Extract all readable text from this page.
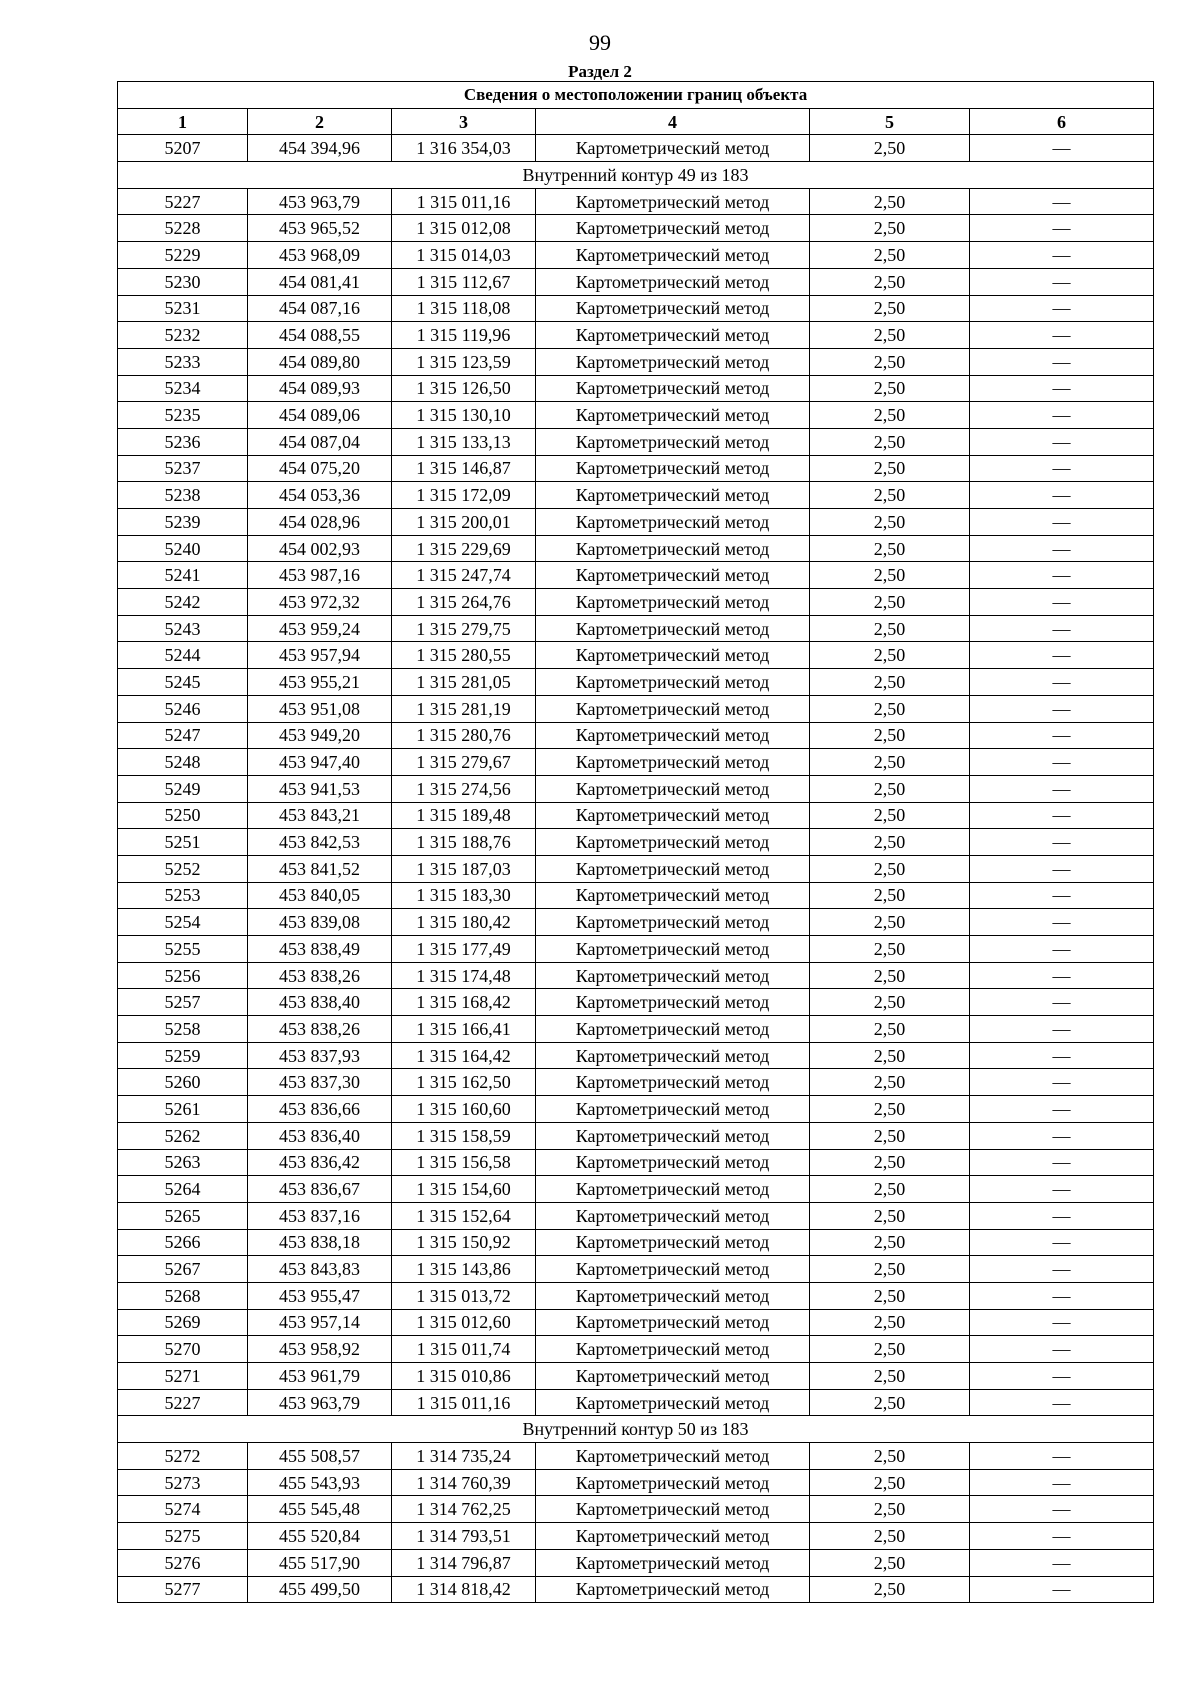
99
Раздел 2
Сведения о местоположении границ объекта					
1	2	3	4	5	6
5207	454 394,96	1 316 354,03	Картометрический метод	2,50	—
Внутренний контур 49 из 183					
5227	453 963,79	1 315 011,16	Картометрический метод	2,50	—
5228	453 965,52	1 315 012,08	Картометрический метод	2,50	—
5229	453 968,09	1 315 014,03	Картометрический метод	2,50	—
5230	454 081,41	1 315 112,67	Картометрический метод	2,50	—
5231	454 087,16	1 315 118,08	Картометрический метод	2,50	—
5232	454 088,55	1 315 119,96	Картометрический метод	2,50	—
5233	454 089,80	1 315 123,59	Картометрический метод	2,50	—
5234	454 089,93	1 315 126,50	Картометрический метод	2,50	—
5235	454 089,06	1 315 130,10	Картометрический метод	2,50	—
5236	454 087,04	1 315 133,13	Картометрический метод	2,50	—
5237	454 075,20	1 315 146,87	Картометрический метод	2,50	—
5238	454 053,36	1 315 172,09	Картометрический метод	2,50	—
5239	454 028,96	1 315 200,01	Картометрический метод	2,50	—
5240	454 002,93	1 315 229,69	Картометрический метод	2,50	—
5241	453 987,16	1 315 247,74	Картометрический метод	2,50	—
5242	453 972,32	1 315 264,76	Картометрический метод	2,50	—
5243	453 959,24	1 315 279,75	Картометрический метод	2,50	—
5244	453 957,94	1 315 280,55	Картометрический метод	2,50	—
5245	453 955,21	1 315 281,05	Картометрический метод	2,50	—
5246	453 951,08	1 315 281,19	Картометрический метод	2,50	—
5247	453 949,20	1 315 280,76	Картометрический метод	2,50	—
5248	453 947,40	1 315 279,67	Картометрический метод	2,50	—
5249	453 941,53	1 315 274,56	Картометрический метод	2,50	—
5250	453 843,21	1 315 189,48	Картометрический метод	2,50	—
5251	453 842,53	1 315 188,76	Картометрический метод	2,50	—
5252	453 841,52	1 315 187,03	Картометрический метод	2,50	—
5253	453 840,05	1 315 183,30	Картометрический метод	2,50	—
5254	453 839,08	1 315 180,42	Картометрический метод	2,50	—
5255	453 838,49	1 315 177,49	Картометрический метод	2,50	—
5256	453 838,26	1 315 174,48	Картометрический метод	2,50	—
5257	453 838,40	1 315 168,42	Картометрический метод	2,50	—
5258	453 838,26	1 315 166,41	Картометрический метод	2,50	—
5259	453 837,93	1 315 164,42	Картометрический метод	2,50	—
5260	453 837,30	1 315 162,50	Картометрический метод	2,50	—
5261	453 836,66	1 315 160,60	Картометрический метод	2,50	—
5262	453 836,40	1 315 158,59	Картометрический метод	2,50	—
5263	453 836,42	1 315 156,58	Картометрический метод	2,50	—
5264	453 836,67	1 315 154,60	Картометрический метод	2,50	—
5265	453 837,16	1 315 152,64	Картометрический метод	2,50	—
5266	453 838,18	1 315 150,92	Картометрический метод	2,50	—
5267	453 843,83	1 315 143,86	Картометрический метод	2,50	—
5268	453 955,47	1 315 013,72	Картометрический метод	2,50	—
5269	453 957,14	1 315 012,60	Картометрический метод	2,50	—
5270	453 958,92	1 315 011,74	Картометрический метод	2,50	—
5271	453 961,79	1 315 010,86	Картометрический метод	2,50	—
5227	453 963,79	1 315 011,16	Картометрический метод	2,50	—
Внутренний контур 50 из 183					
5272	455 508,57	1 314 735,24	Картометрический метод	2,50	—
5273	455 543,93	1 314 760,39	Картометрический метод	2,50	—
5274	455 545,48	1 314 762,25	Картометрический метод	2,50	—
5275	455 520,84	1 314 793,51	Картометрический метод	2,50	—
5276	455 517,90	1 314 796,87	Картометрический метод	2,50	—
5277	455 499,50	1 314 818,42	Картометрический метод	2,50	—
